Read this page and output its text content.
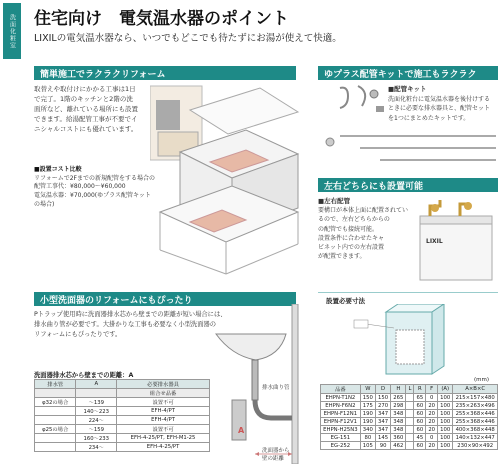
洗面化粧室	住宅向け　電気温水器のポイント
LIXILの電気温水器なら、いつでもどこでも待たずにお湯が使えて快適。
簡単施工でラクラクリフォーム
取替えや取付けにかかる工事は1日
で完了。1階のキッチンと2階の洗
面所など、離れている場所にも設置
できます。給湯配管工事が不要でイ
ニシャルコストにも優れています。
■設置コスト比較
リフォームで2Fまでの新規配管をする場合の
配管工事代：¥80,000～¥60,000
電気温水器：¥70,000(ゆプラス配管キット
の場合)
ゆプラス配管キットで施工もラクラク
■配管キット
洗面化粧台に電気温水器を後付けする
ときに必要な排水器具と、配管セット
を1つにまとめたキットです。
左右どちらにも設置可能
■左右配管
要構口が本体上面に配置されてい
るので、左右どちらからの
の配管でも接続可能。
設置条件に合わせたキャ
ビネット内での左右設置
が配置できます。
LIXIL
小型洗面器のリフォームにもぴったり
Pトラップ使用時に洗面器排水芯から壁までの距離が短い場合には、
排水曲り管が必要です。大掛かりな工事も必要なく小型洗面器の
リフォームにもぴったりです。
洗面器排水芯から壁までの距離：A
排水管	A	必要排水器具
		組合せ品番
φ32の場合	～139	設置不可
	140～223	EFH-4/PT
	224～	EFH-4/PT
φ25の場合	～159	設置不可
	160～233	EFH-4-25/PT, EFH-M1-25
	234～	EFH-4-25/PT
排水曲り管
A
洗面器から
壁の距離
設置必要寸法
(mm)
品番	W	D	H	L	R	F	(A)	A×B×C
EHPN-T1N2	150	150	265		65	0	100	215×157×480
EHPN-F6N2	175	270	298		60	20	100	235×263×496
EHPN-F12N1	190	347	348		60	20	100	255×368×446
EHPN-F12V1	190	347	348		60	20	100	255×368×446
EHPN-H25N3	340	347	348		60	20	100	400×368×448
EG-151	80	145	360		45	0	100	140×132×447
EG-252	105	90	462		60	20	100	230×90×492
